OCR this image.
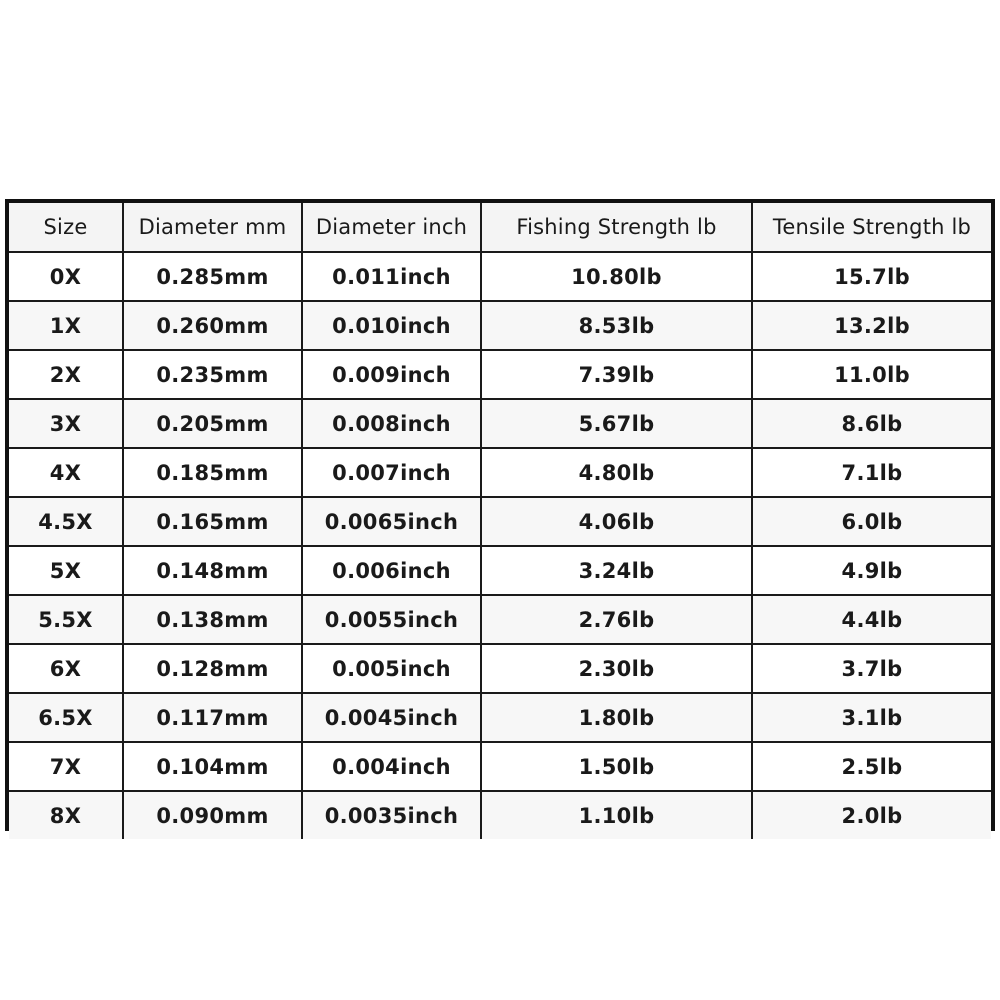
Size	Diameter mm	Diameter inch	Fishing Strength lb	Tensile Strength lb
0X	0.285mm	0.011inch	10.80lb	15.7lb
1X	0.260mm	0.010inch	8.53lb	13.2lb
2X	0.235mm	0.009inch	7.39lb	11.0lb
3X	0.205mm	0.008inch	5.67lb	8.6lb
4X	0.185mm	0.007inch	4.80lb	7.1lb
4.5X	0.165mm	0.0065inch	4.06lb	6.0lb
5X	0.148mm	0.006inch	3.24lb	4.9lb
5.5X	0.138mm	0.0055inch	2.76lb	4.4lb
6X	0.128mm	0.005inch	2.30lb	3.7lb
6.5X	0.117mm	0.0045inch	1.80lb	3.1lb
7X	0.104mm	0.004inch	1.50lb	2.5lb
8X	0.090mm	0.0035inch	1.10lb	2.0lb
